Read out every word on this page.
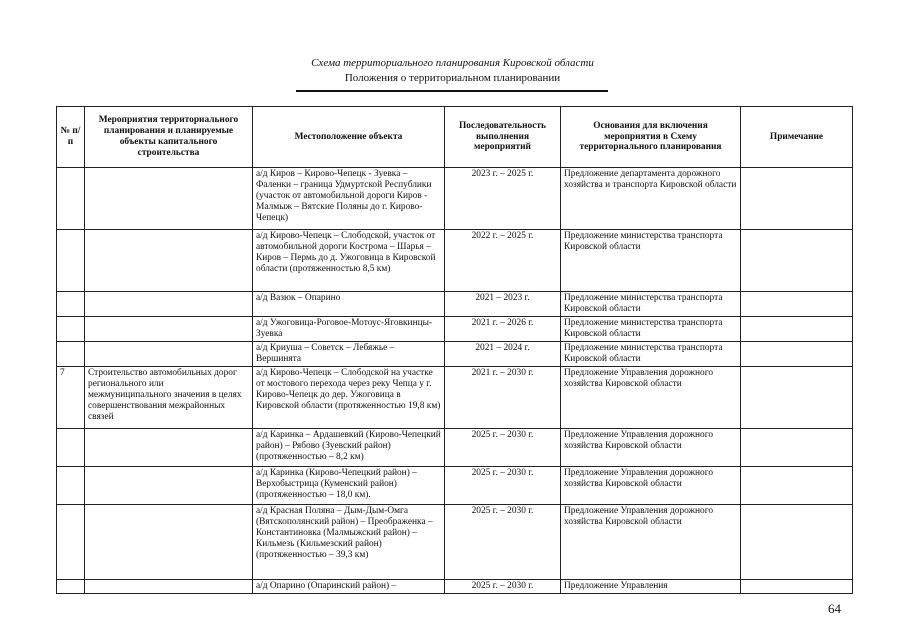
Схема территориального планирования Кировской области
Положения о территориальном планировании
№ п/п	Мероприятия территориального планирования и планируемые объекты капитального строительства	Местоположение объекта	Последовательность выполнения мероприятий	Основания для включения мероприятия в Схему территориального планирования	Примечание
		а/д Киров – Кирово-Чепецк - Зуевка – Фаленки – граница Удмуртской Республики (участок от автомобильной дороги Киров - Малмыж – Вятские Поляны до г. Кирово-Чепецк)	2023 г. – 2025 г.	Предложение департамента дорожного хозяйства и транспорта Кировской области	
		а/д Кирово-Чепецк – Слободской, участок от автомобильной дороги Кострома – Шарья – Киров – Пермь до д. Ужоговица в Кировской области (протяженностью 8,5 км)	2022 г. – 2025 г.	Предложение министерства транспорта Кировской области	
		а/д Вазюк – Опарино	2021 – 2023 г.	Предложение министерства транспорта Кировской области	
		а/д Ужоговица-Роговое-Мотоус-Яговкинцы-Зуевка	2021 г. – 2026 г.	Предложение министерства транспорта Кировской области	
		а/д Криуша – Советск – Лебяжье – Вершинята	2021 – 2024 г.	Предложение министерства транспорта Кировской области	
7	Строительство автомобильных дорог регионального или межмуниципального значения в целях совершенствования межрайонных связей	а/д Кирово-Чепецк – Слободской на участке от мостового перехода через реку Чепца у г. Кирово-Чепецк до дер. Ужоговица в Кировской области (протяженностью 19,8 км)	2021 г. – 2030 г.	Предложение Управления дорожного хозяйства Кировской области	
		а/д Каринка – Ардашевкий (Кирово-Чепецкий район) – Рябово (Зуевский район) (протяженностью – 8,2 км)	2025 г. – 2030 г.	Предложение Управления дорожного хозяйства Кировской области	
		а/д Каринка (Кирово-Чепецкий район) – Верхобыстрица (Куменский район) (протяженностью – 18,0 км).	2025 г. – 2030 г.	Предложение Управления дорожного хозяйства Кировской области	
		а/д Красная Поляна – Дым-Дым-Омга (Вятскополянский район) – Преображенка – Константиновка (Малмыжский район) – Кильмезь (Кильмезский район) (протяженностью – 39,3 км)	2025 г. – 2030 г.	Предложение Управления дорожного хозяйства Кировской области	
		а/д Опарино (Опаринский район) –	2025 г. – 2030 г.	Предложение Управления	
64
